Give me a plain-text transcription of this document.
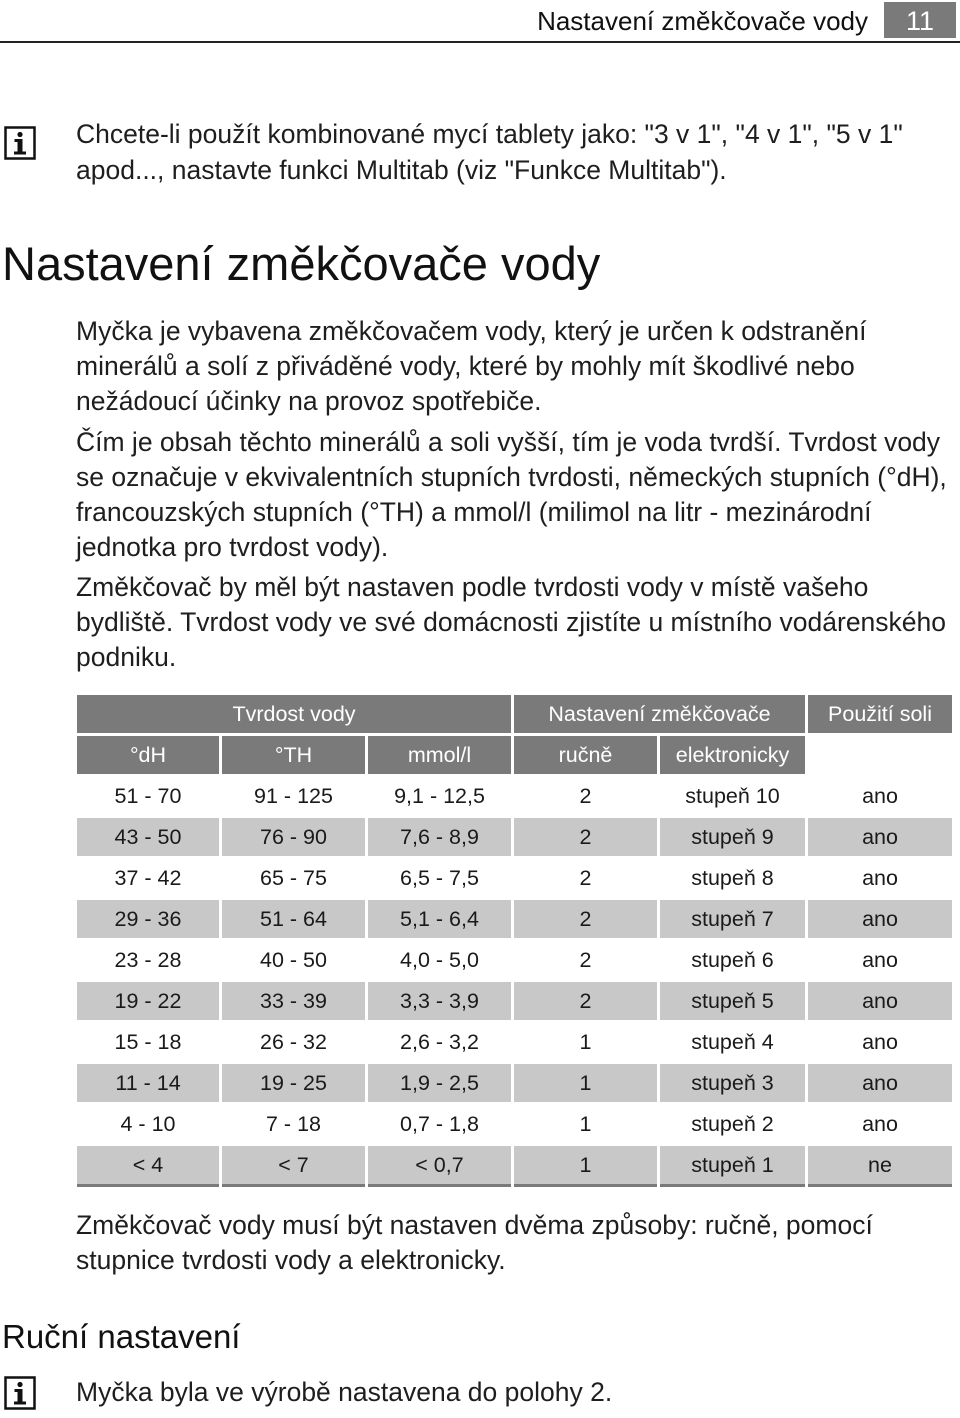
Nastavení změkčovače vody	11

Chcete-li použít kombinované mycí tablety jako: "3 v 1", "4 v 1", "5 v 1" apod..., nastavte funkci Multitab (viz "Funkce Multitab").

Nastavení změkčovače vody

Myčka je vybavena změkčovačem vody, který je určen k odstranění minerálů a solí z přiváděné vody, které by mohly mít škodlivé nebo nežádoucí účinky na provoz spotřebiče.

Čím je obsah těchto minerálů a soli vyšší, tím je voda tvrdší. Tvrdost vody se označuje v ekvivalentních stupních tvrdosti, německých stupních (°dH), francouzských stupních (°TH) a mmol/l (milimol na litr - mezinárodní jednotka pro tvrdost vody).

Změkčovač by měl být nastaven podle tvrdosti vody v místě vašeho bydliště. Tvrdost vody ve své domácnosti zjistíte u místního vodárenského podniku.

Tvrdost vody			Nastavení změkčovače		Použití soli
°dH	°TH	mmol/l	ručně	elektronicky	
51 - 70	91 - 125	9,1 - 12,5	2	stupeň 10	ano
43 - 50	76 - 90	7,6 - 8,9	2	stupeň 9	ano
37 - 42	65 - 75	6,5 - 7,5	2	stupeň 8	ano
29 - 36	51 - 64	5,1 - 6,4	2	stupeň 7	ano
23 - 28	40 - 50	4,0 - 5,0	2	stupeň 6	ano
19 - 22	33 - 39	3,3 - 3,9	2	stupeň 5	ano
15 - 18	26 - 32	2,6 - 3,2	1	stupeň 4	ano
11 - 14	19 - 25	1,9 - 2,5	1	stupeň 3	ano
4 - 10	7 - 18	0,7 - 1,8	1	stupeň 2	ano
< 4	< 7	< 0,7	1	stupeň 1	ne

Změkčovač vody musí být nastaven dvěma způsoby: ručně, pomocí stupnice tvrdosti vody a elektronicky.

Ruční nastavení

Myčka byla ve výrobě nastavena do polohy 2.
